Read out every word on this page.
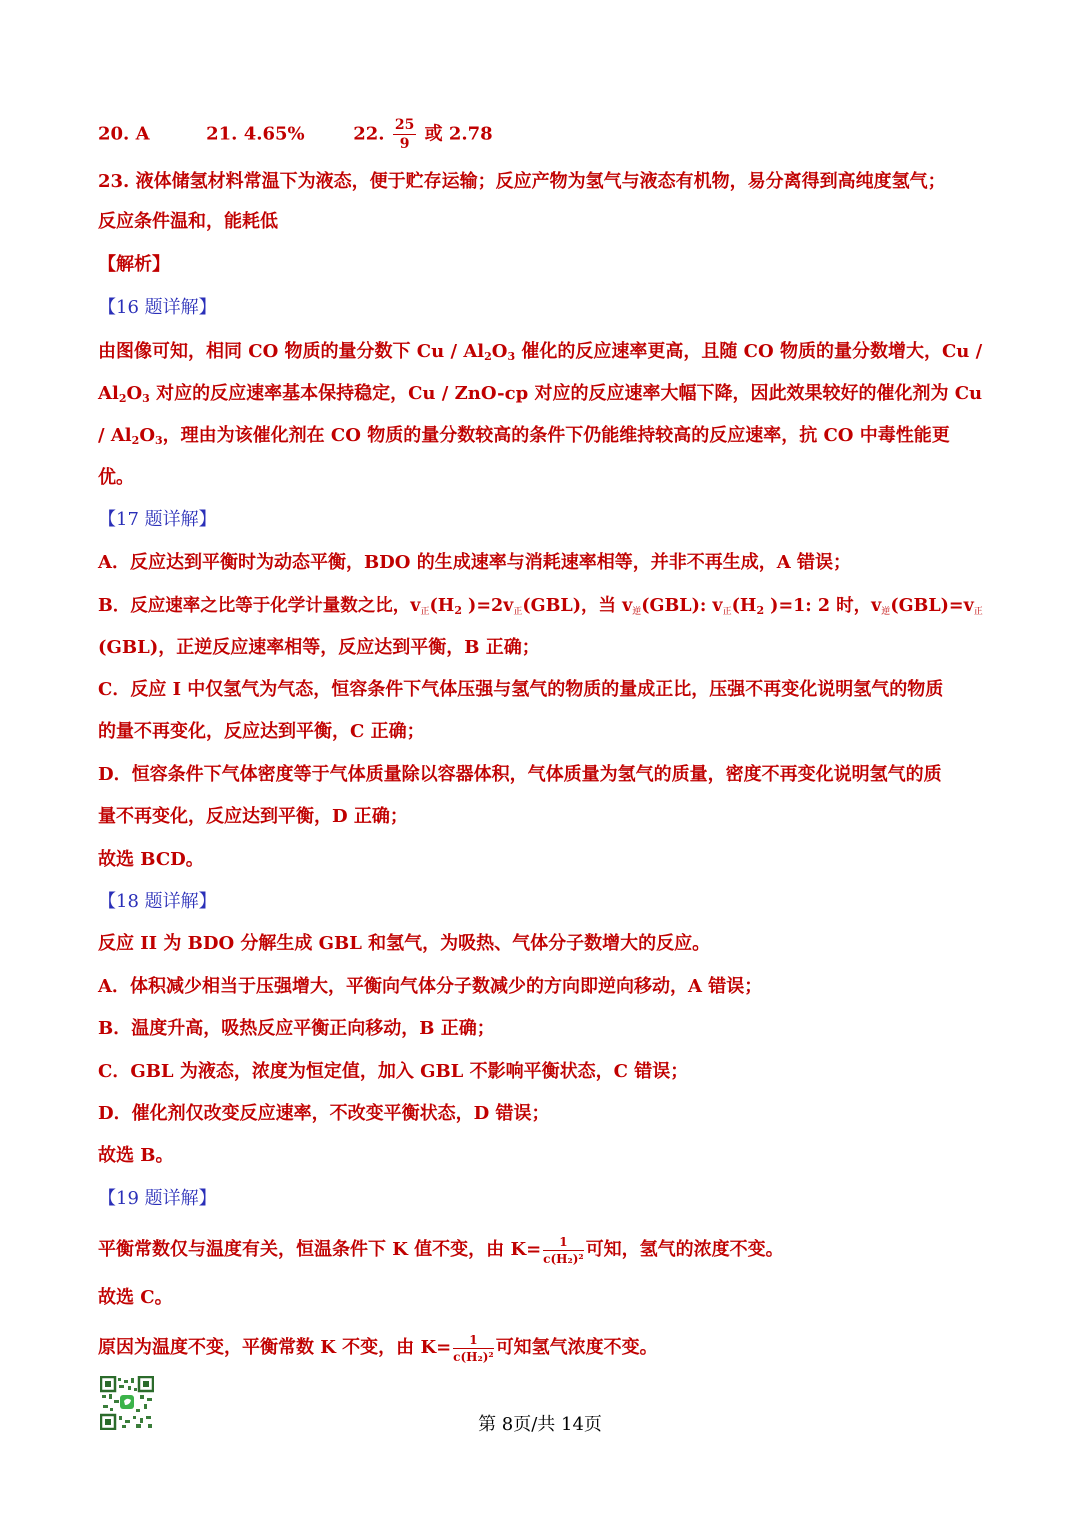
20. A	21. 4.65%	22. $\frac{25}{9}$ 或 2.78
23. 液体储氢材料常温下为液态，便于贮存运输；反应产物为氢气与液态有机物，易分离得到高纯度氢气；
反应条件温和，能耗低
【解析】
【16 题详解】
由图像可知，相同 CO 物质的量分数下 Cu / $Al_2O_3$ 催化的反应速率更高，且随 CO 物质的量分数增大，Cu /
$Al_2O_3$ 对应的反应速率基本保持稳定，Cu / ZnO-cp 对应的反应速率大幅下降，因此效果较好的催化剂为 Cu
/ $Al_2O_3$，理由为该催化剂在 CO 物质的量分数较高的条件下仍能维持较高的反应速率，抗 CO 中毒性能更
优。
【17 题详解】
A．反应达到平衡时为动态平衡，BDO 的生成速率与消耗速率相等，并非不再生成，A 错误；
B．反应速率之比等于化学计量数之比，v正($H_2$ )=2v正(GBL)，当 v逆(GBL): v正($H_2$ )=1: 2 时，v逆(GBL)=v正
(GBL)，正逆反应速率相等，反应达到平衡，B 正确；
C．反应 I 中仅氢气为气态，恒容条件下气体压强与氢气的物质的量成正比，压强不再变化说明氢气的物质
的量不再变化，反应达到平衡，C 正确；
D．恒容条件下气体密度等于气体质量除以容器体积，气体质量为氢气的质量，密度不再变化说明氢气的质
量不再变化，反应达到平衡，D 正确；
故选 BCD。
【18 题详解】
反应 II 为 BDO 分解生成 GBL 和氢气，为吸热、气体分子数增大的反应。
A．体积减少相当于压强增大，平衡向气体分子数减少的方向即逆向移动，A 错误；
B．温度升高，吸热反应平衡正向移动，B 正确；
C．GBL 为液态，浓度为恒定值，加入 GBL 不影响平衡状态，C 错误；
D．催化剂仅改变反应速率，不改变平衡状态，D 错误；
故选 B。
【19 题详解】
平衡常数仅与温度有关，恒温条件下 K 值不变，由 $K= \frac{1}{\text{c(H₂)²}}$ 可知，氢气的浓度不变。
故选 C。
原因为温度不变，平衡常数 K 不变，由 $K= \frac{1}{\text{c(H₂)²}}$ 可知氢气浓度不变。
第 8页/共 14页
